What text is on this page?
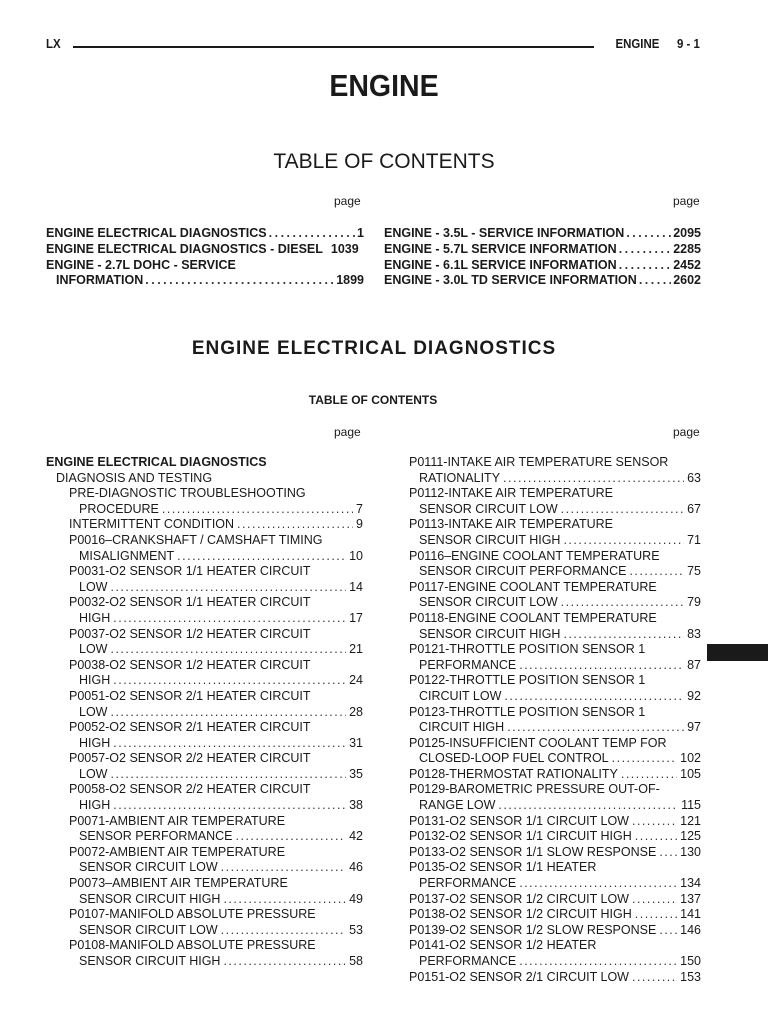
LX	ENGINE 9 - 1
ENGINE
TABLE OF CONTENTS
page	page
ENGINE ELECTRICAL DIAGNOSTICS .....	1
ENGINE ELECTRICAL DIAGNOSTICS - DIESEL 1039
ENGINE - 2.7L DOHC - SERVICE
INFORMATION .....	1899
ENGINE - 3.5L - SERVICE INFORMATION .....	2095
ENGINE - 5.7L SERVICE INFORMATION .....	2285
ENGINE - 6.1L SERVICE INFORMATION .....	2452
ENGINE - 3.0L TD SERVICE INFORMATION .....	2602
ENGINE ELECTRICAL DIAGNOSTICS
TABLE OF CONTENTS
page	page
ENGINE ELECTRICAL DIAGNOSTICS
DIAGNOSIS AND TESTING
PRE-DIAGNOSTIC TROUBLESHOOTING
PROCEDURE .....	7
INTERMITTENT CONDITION .....	9
P0016–CRANKSHAFT / CAMSHAFT TIMING
MISALIGNMENT .....	10
P0031-O2 SENSOR 1/1 HEATER CIRCUIT
LOW .....	14
P0032-O2 SENSOR 1/1 HEATER CIRCUIT
HIGH .....	17
P0037-O2 SENSOR 1/2 HEATER CIRCUIT
LOW .....	21
P0038-O2 SENSOR 1/2 HEATER CIRCUIT
HIGH .....	24
P0051-O2 SENSOR 2/1 HEATER CIRCUIT
LOW .....	28
P0052-O2 SENSOR 2/1 HEATER CIRCUIT
HIGH .....	31
P0057-O2 SENSOR 2/2 HEATER CIRCUIT
LOW .....	35
P0058-O2 SENSOR 2/2 HEATER CIRCUIT
HIGH .....	38
P0071-AMBIENT AIR TEMPERATURE
SENSOR PERFORMANCE .....	42
P0072-AMBIENT AIR TEMPERATURE
SENSOR CIRCUIT LOW .....	46
P0073–AMBIENT AIR TEMPERATURE
SENSOR CIRCUIT HIGH .....	49
P0107-MANIFOLD ABSOLUTE PRESSURE
SENSOR CIRCUIT LOW .....	53
P0108-MANIFOLD ABSOLUTE PRESSURE
SENSOR CIRCUIT HIGH .....	58
P0111-INTAKE AIR TEMPERATURE SENSOR
RATIONALITY .....	63
P0112-INTAKE AIR TEMPERATURE
SENSOR CIRCUIT LOW .....	67
P0113-INTAKE AIR TEMPERATURE
SENSOR CIRCUIT HIGH .....	71
P0116–ENGINE COOLANT TEMPERATURE
SENSOR CIRCUIT PERFORMANCE .....	75
P0117-ENGINE COOLANT TEMPERATURE
SENSOR CIRCUIT LOW .....	79
P0118-ENGINE COOLANT TEMPERATURE
SENSOR CIRCUIT HIGH .....	83
P0121-THROTTLE POSITION SENSOR 1
PERFORMANCE .....	87
P0122-THROTTLE POSITION SENSOR 1
CIRCUIT LOW .....	92
P0123-THROTTLE POSITION SENSOR 1
CIRCUIT HIGH .....	97
P0125-INSUFFICIENT COOLANT TEMP FOR
CLOSED-LOOP FUEL CONTROL .....	102
P0128-THERMOSTAT RATIONALITY .....	105
P0129-BAROMETRIC PRESSURE OUT-OF-
RANGE LOW .....	115
P0131-O2 SENSOR 1/1 CIRCUIT LOW .....	121
P0132-O2 SENSOR 1/1 CIRCUIT HIGH .....	125
P0133-O2 SENSOR 1/1 SLOW RESPONSE ..... 130
P0135-O2 SENSOR 1/1 HEATER
PERFORMANCE .....	134
P0137-O2 SENSOR 1/2 CIRCUIT LOW .....	137
P0138-O2 SENSOR 1/2 CIRCUIT HIGH .....	141
P0139-O2 SENSOR 1/2 SLOW RESPONSE ..... 146
P0141-O2 SENSOR 1/2 HEATER
PERFORMANCE .....	150
P0151-O2 SENSOR 2/1 CIRCUIT LOW .....	153
